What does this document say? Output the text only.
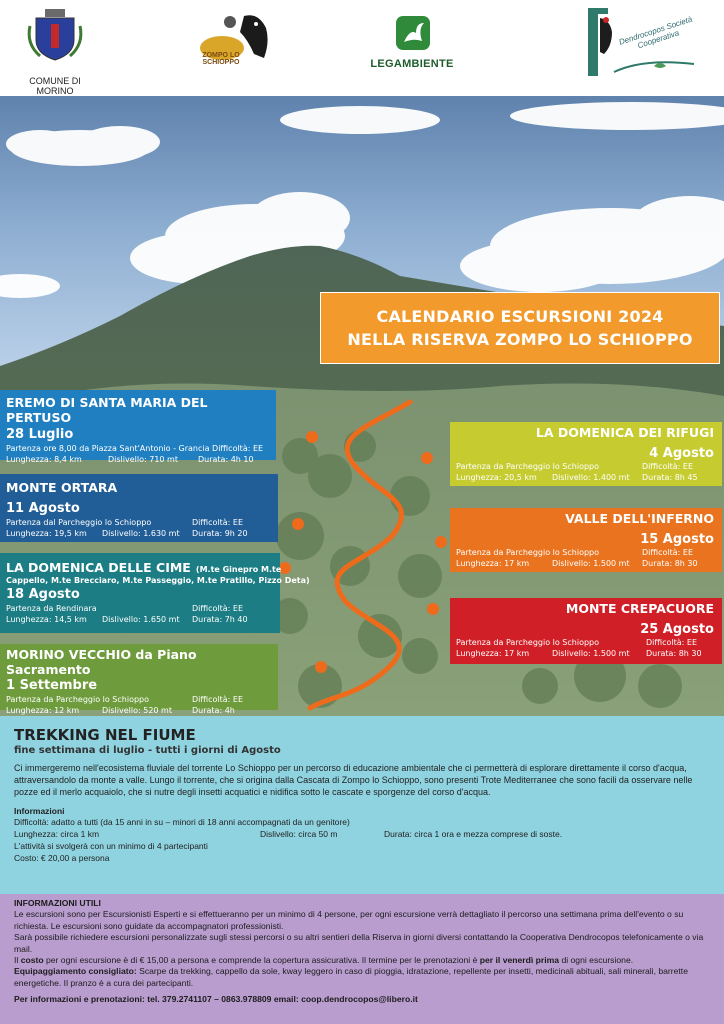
COMUNE DI MORINO
ZOMPO LO SCHIOPPO	LEGAMBIENTE
Dendrocopos Società Cooperativa
CALENDARIO ESCURSIONI 2024
NELLA RISERVA ZOMPO LO SCHIOPPO
EREMO DI SANTA MARIA DEL PERTUSO
28 Luglio
Partenza ore 8,00 da Piazza Sant'Antonio - Grancia Difficoltà: EE
Lunghezza: 8,4 km	Dislivello: 710 mt	Durata: 4h 10
MONTE ORTARA
11 Agosto
Partenza dal Parcheggio lo Schioppo	Difficoltà: EE
Lunghezza: 19,5 km	Dislivello: 1.630 mt	Durata: 9h 20
LA DOMENICA DELLE CIME (M.te Ginepro M.te
Cappello, M.te Brecciaro, M.te Passeggio, M.te Pratillo, Pizzo Deta)
18 Agosto
Partenza da Rendinara	Difficoltà: EE
Lunghezza: 14,5 km	Dislivello: 1.650 mt	Durata: 7h 40
MORINO VECCHIO da Piano Sacramento
1 Settembre
Partenza da Parcheggio lo Schioppo	Difficoltà: EE
Lunghezza: 12 km	Dislivello: 520 mt	Durata: 4h
LA DOMENICA DEI RIFUGI
4 Agosto
Partenza da Parcheggio lo Schioppo	Difficoltà: EE
Lunghezza: 20,5 km	Dislivello: 1.400 mt	Durata: 8h 45
VALLE DELL'INFERNO
15 Agosto
Partenza da Parcheggio lo Schioppo	Difficoltà: EE
Lunghezza: 17 km	Dislivello: 1.500 mt	Durata: 8h 30
MONTE CREPACUORE
25 Agosto
Partenza da Parcheggio lo Schioppo	Difficoltà: EE
Lunghezza: 17 km	Dislivello: 1.500 mt	Durata: 8h 30
TREKKING NEL FIUME
fine settimana di luglio - tutti i giorni di Agosto
Ci immergeremo nell'ecosistema fluviale del torrente Lo Schioppo per un percorso di educazione ambientale che ci permetterà di esplorare direttamente il corso d'acqua, attraversandolo da monte a valle. Lungo il torrente, che si origina dalla Cascata di Zompo lo Schioppo, sono presenti Trote Mediterranee che sono facili da osservare nelle pozze ed il merlo acquaiolo, che si nutre degli insetti acquatici e nidifica sotto le cascate e sporgenze del corso d'acqua.
Informazioni
Difficoltà: adatto a tutti (da 15 anni in su – minori di 18 anni accompagnati da un genitore)
Lunghezza: circa 1 km	Dislivello: circa 50 m	Durata: circa 1 ora e mezza comprese di soste.
L'attività si svolgerà con un minimo di 4 partecipanti
Costo: € 20,00 a persona
INFORMAZIONI UTILI
Le escursioni sono per Escursionisti Esperti e si effettueranno per un minimo di 4 persone, per ogni escursione verrà dettagliato il percorso una settimana prima dell'evento o su richiesta. Le escursioni sono guidate da accompagnatori professionisti.
Sarà possibile richiedere escursioni personalizzate sugli stessi percorsi o su altri sentieri della Riserva in giorni diversi contattando la Cooperativa Dendrocopos telefonicamente o via mail.
Il costo per ogni escursione è di € 15,00 a persona e comprende la copertura assicurativa. Il termine per le prenotazioni è per il venerdì prima di ogni escursione.
Equipaggiamento consigliato: Scarpe da trekking, cappello da sole, kway leggero in caso di pioggia, idratazione, repellente per insetti, medicinali abituali, sali minerali, barrette energetiche. Il pranzo è a cura dei partecipanti.
Per informazioni e prenotazioni: tel. 379.2741107 – 0863.978809 email: coop.dendrocopos@libero.it
